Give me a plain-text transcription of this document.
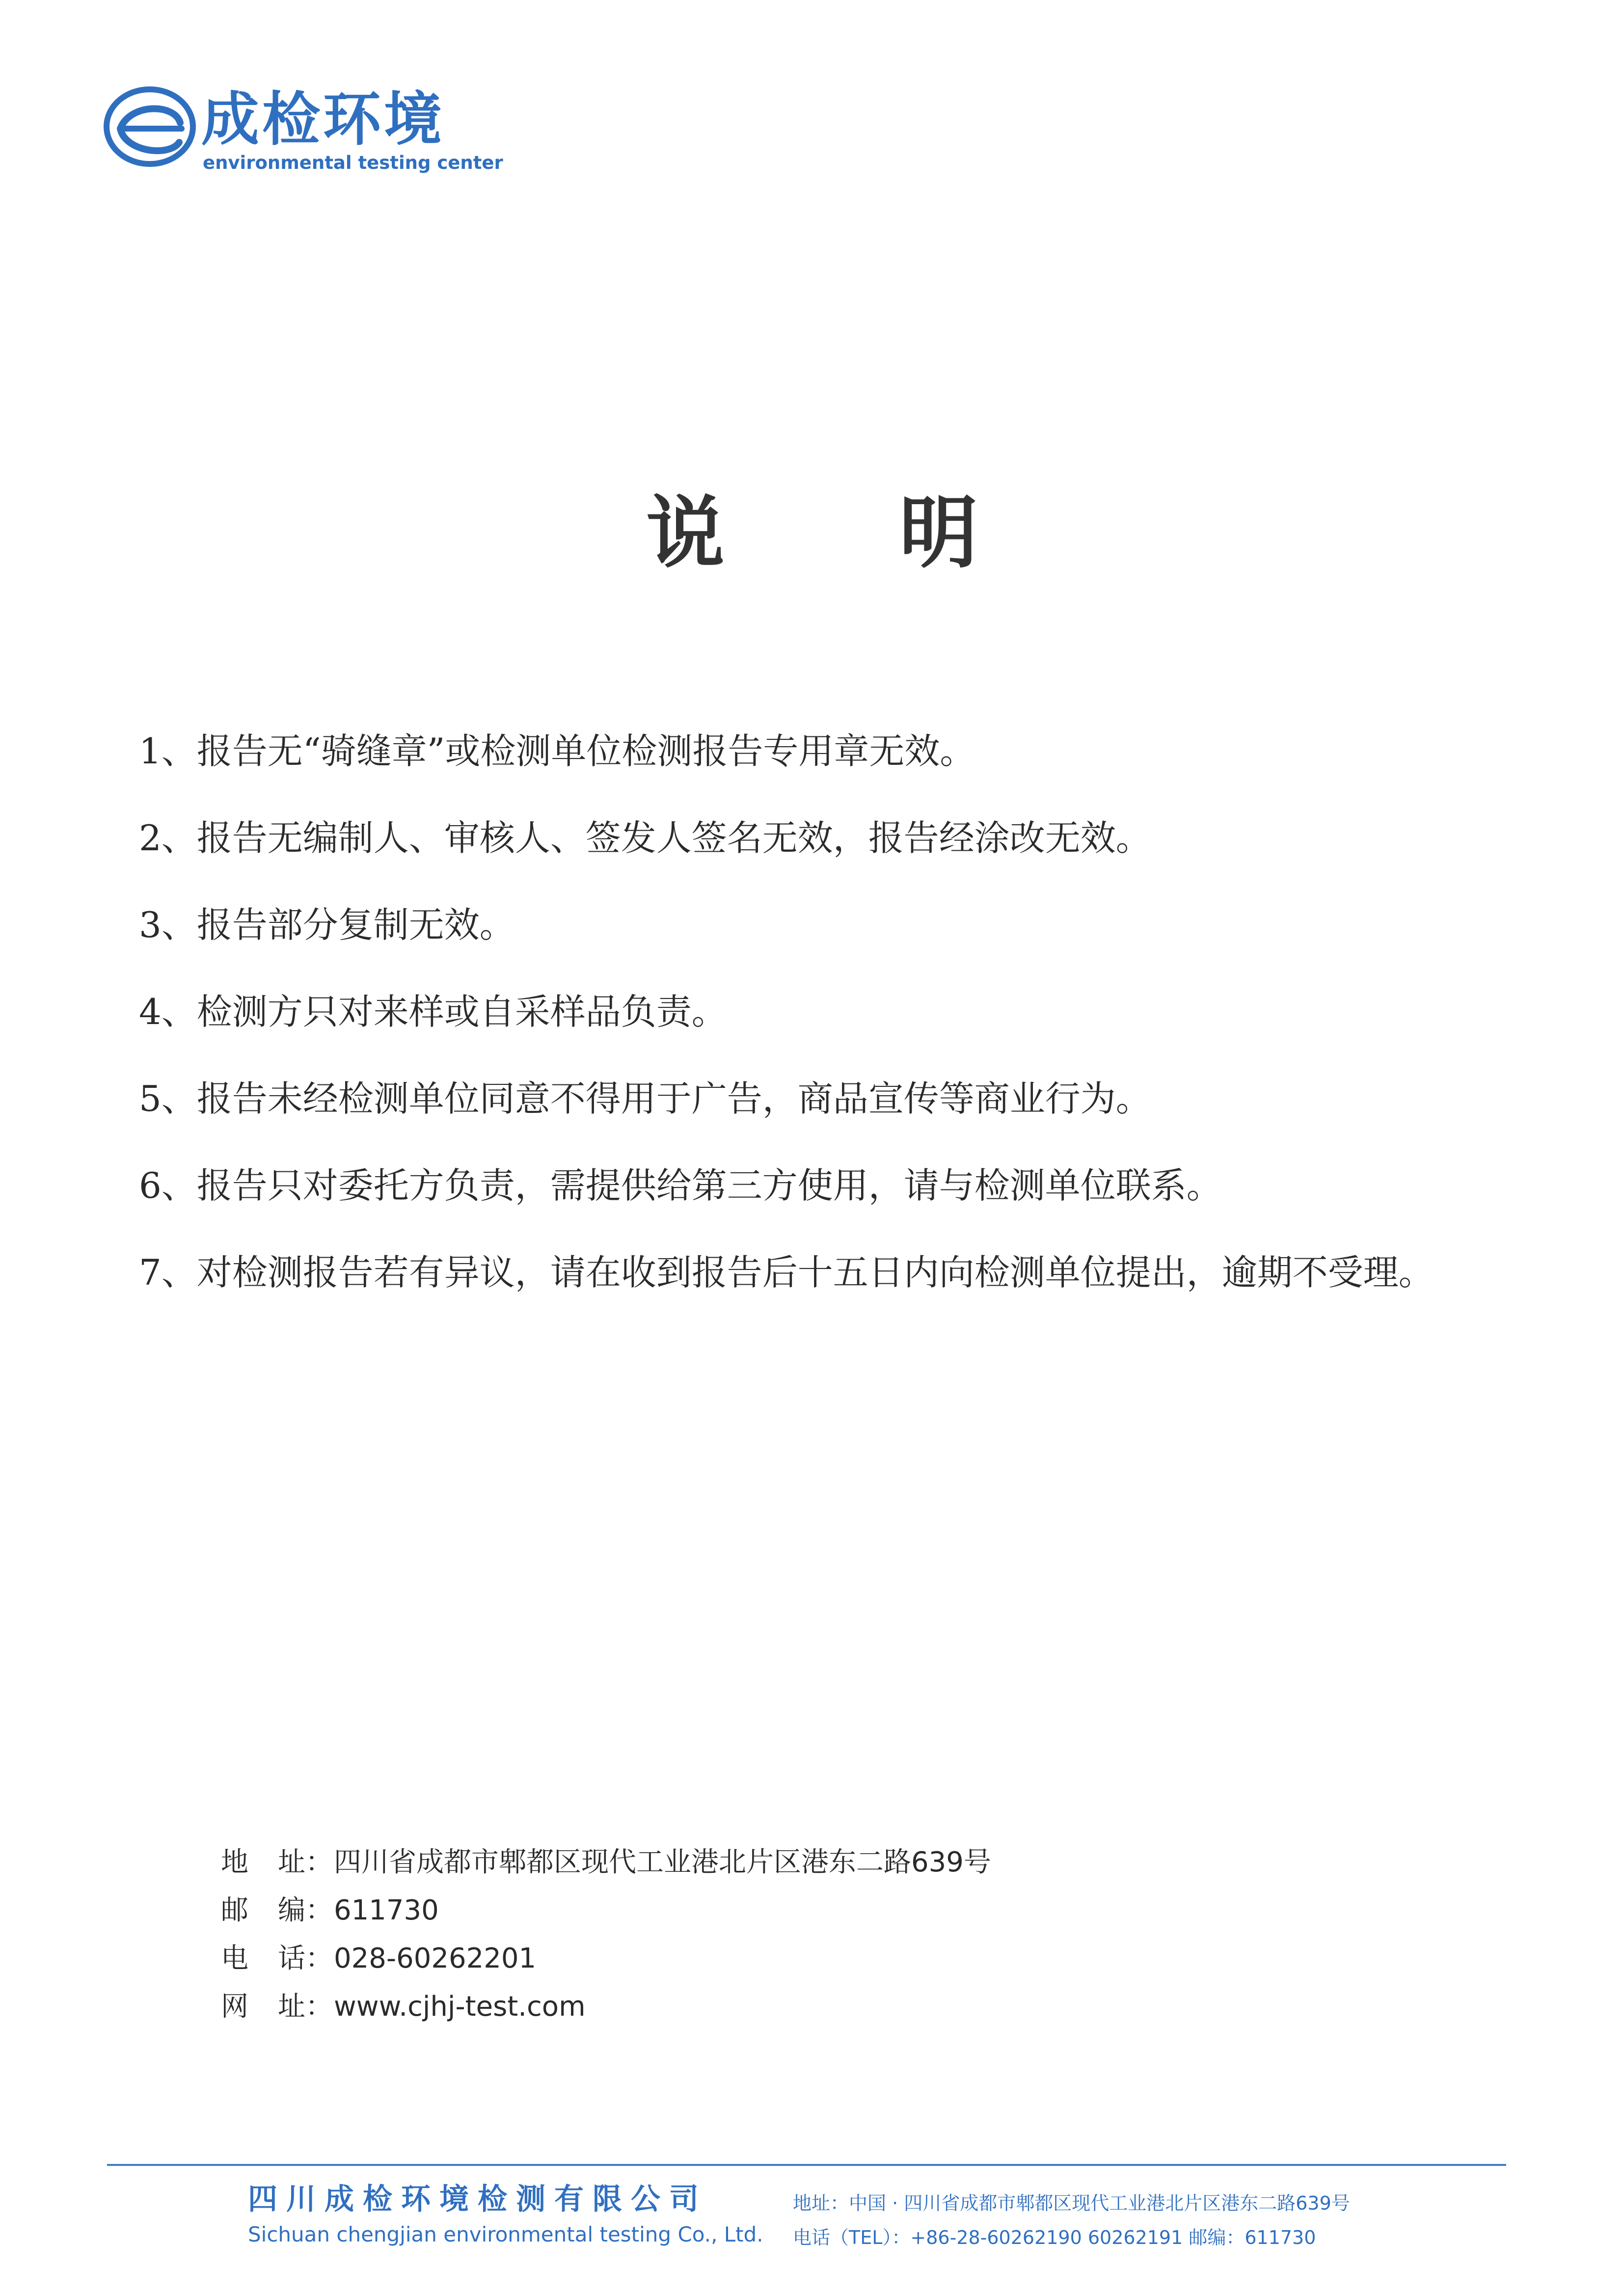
成检环境
environmental testing center
说 明
1、报告无“骑缝章”或检测单位检测报告专用章无效。
2、报告无编制人、审核人、签发人签名无效，报告经涂改无效。
3、报告部分复制无效。
4、检测方只对来样或自采样品负责。
5、报告未经检测单位同意不得用于广告，商品宣传等商业行为。
6、报告只对委托方负责，需提供给第三方使用，请与检测单位联系。
7、对检测报告若有异议，请在收到报告后十五日内向检测单位提出，逾期不受理。
地 址：四川省成都市郫都区现代工业港北片区港东二路639号
邮 编：611730
电 话：028-60262201
网 址：www.cjhj-test.com
四川成检环境检测有限公司
Sichuan chengjian environmental testing Co., Ltd.
地址：中国 · 四川省成都市郫都区现代工业港北片区港东二路639号
电话（TEL）：+86-28-60262190 60262191 邮编：611730
